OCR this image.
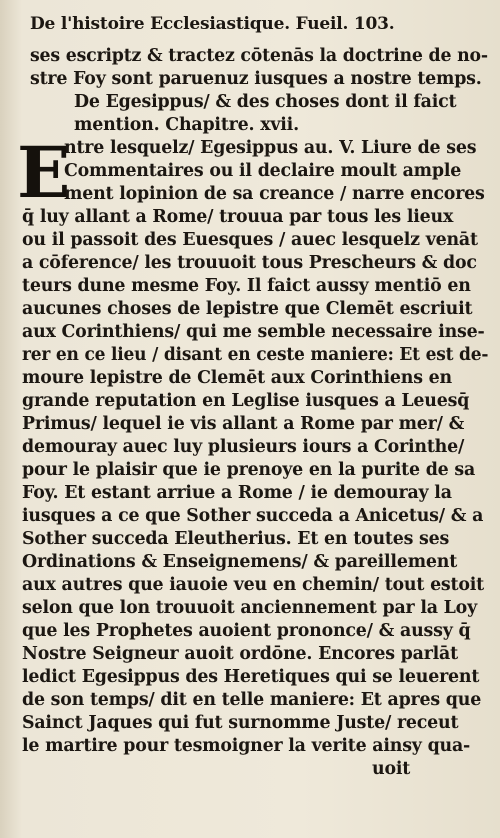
De l'histoire Ecclesiastique. Fueil. 103.
ses escriptz & tractez cōtenās la doctrine de no-
stre Foy sont paruenuz iusques a nostre temps.
De Egesippus/ & des choses dont il faict
mention. Chapitre. xvii.
E
ntre lesquelz/ Egesippus au. V. Liure de ses
Commentaires ou il declaire moult ample
ment lopinion de sa creance / narre encores
q̄ luy allant a Rome/ trouua par tous les lieux
ou il passoit des Euesques / auec lesquelz venāt
a cōference/ les trouuoit tous Prescheurs & doc
teurs dune mesme Foy. Il faict aussy mentiō en
aucunes choses de lepistre que Clemēt escriuit
aux Corinthiens/ qui me semble necessaire inse-
rer en ce lieu / disant en ceste maniere: Et est de-
moure lepistre de Clemēt aux Corinthiens en
grande reputation en Leglise iusques a Leuesq̄
Primus/ lequel ie vis allant a Rome par mer/ &
demouray auec luy plusieurs iours a Corinthe/
pour le plaisir que ie prenoye en la purite de sa
Foy. Et estant arriue a Rome / ie demouray la
iusques a ce que Sother succeda a Anicetus/ & a
Sother succeda Eleutherius. Et en toutes ses
Ordinations & Enseignemens/ & pareillement
aux autres que iauoie veu en chemin/ tout estoit
selon que lon trouuoit anciennement par la Loy
que les Prophetes auoient prononce/ & aussy q̄
Nostre Seigneur auoit ordōne. Encores parlāt
ledict Egesippus des Heretiques qui se leuerent
de son temps/ dit en telle maniere: Et apres que
Sainct Jaques qui fut surnomme Juste/ receut
le martire pour tesmoigner la verite ainsy qua-
uoit
